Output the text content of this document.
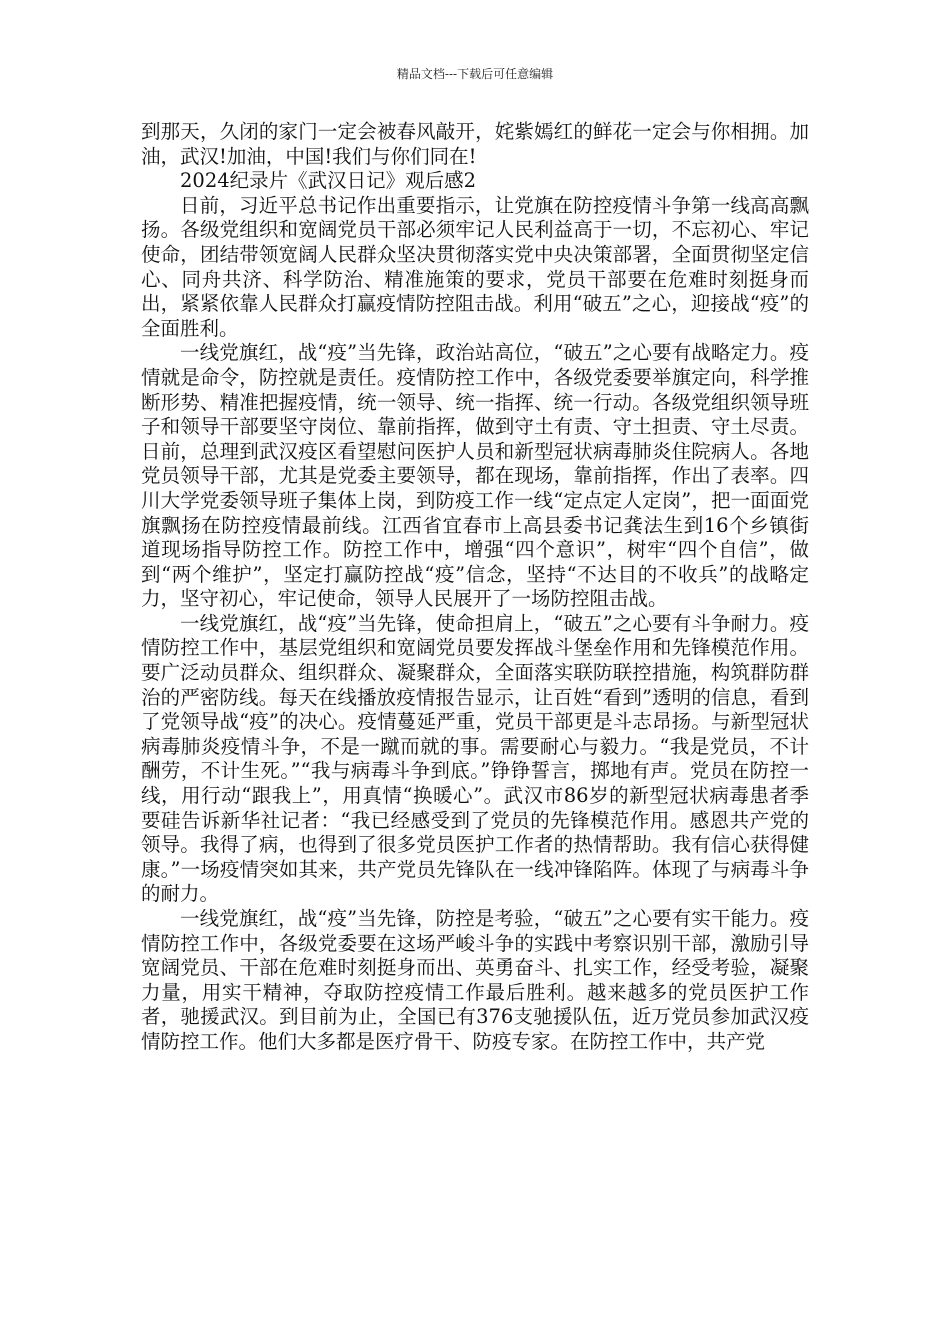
精品文档---下载后可任意编辑

到那天，久闭的家门一定会被春风敲开，姹紫嫣红的鲜花一定会与你相拥。加油，武汉!加油，中国!我们与你们同在!

2024纪录片《武汉日记》观后感2

日前，习近平总书记作出重要指示，让党旗在防控疫情斗争第一线高高飘扬。各级党组织和宽阔党员干部必须牢记人民利益高于一切，不忘初心、牢记使命，团结带领宽阔人民群众坚决贯彻落实党中央决策部署，全面贯彻坚定信心、同舟共济、科学防治、精准施策的要求，党员干部要在危难时刻挺身而出，紧紧依靠人民群众打赢疫情防控阻击战。利用“破五”之心，迎接战“疫”的全面胜利。

一线党旗红，战“疫”当先锋，政治站高位，“破五”之心要有战略定力。疫情就是命令，防控就是责任。疫情防控工作中，各级党委要举旗定向，科学推断形势、精准把握疫情，统一领导、统一指挥、统一行动。各级党组织领导班子和领导干部要坚守岗位、靠前指挥，做到守土有责、守土担责、守土尽责。日前，总理到武汉疫区看望慰问医护人员和新型冠状病毒肺炎住院病人。各地党员领导干部，尤其是党委主要领导，都在现场，靠前指挥，作出了表率。四川大学党委领导班子集体上岗，到防疫工作一线“定点定人定岗”，把一面面党旗飘扬在防控疫情最前线。江西省宜春市上高县委书记龚法生到16个乡镇街道现场指导防控工作。防控工作中，增强“四个意识”，树牢“四个自信”，做到“两个维护”，坚定打赢防控战“疫”信念，坚持“不达目的不收兵”的战略定力，坚守初心，牢记使命，领导人民展开了一场防控阻击战。

一线党旗红，战“疫”当先锋，使命担肩上，“破五”之心要有斗争耐力。疫情防控工作中，基层党组织和宽阔党员要发挥战斗堡垒作用和先锋模范作用。要广泛动员群众、组织群众、凝聚群众，全面落实联防联控措施，构筑群防群治的严密防线。每天在线播放疫情报告显示，让百姓“看到”透明的信息，看到了党领导战“疫”的决心。疫情蔓延严重，党员干部更是斗志昂扬。与新型冠状病毒肺炎疫情斗争，不是一蹴而就的事。需要耐心与毅力。“我是党员，不计酬劳，不计生死。”“我与病毒斗争到底。”铮铮誓言，掷地有声。党员在防控一线，用行动“跟我上”，用真情“换暖心”。武汉市86岁的新型冠状病毒患者季要硅告诉新华社记者：“我已经感受到了党员的先锋模范作用。感恩共产党的领导。我得了病，也得到了很多党员医护工作者的热情帮助。我有信心获得健康。”一场疫情突如其来，共产党员先锋队在一线冲锋陷阵。体现了与病毒斗争的耐力。

一线党旗红，战“疫”当先锋，防控是考验，“破五”之心要有实干能力。疫情防控工作中，各级党委要在这场严峻斗争的实践中考察识别干部，激励引导宽阔党员、干部在危难时刻挺身而出、英勇奋斗、扎实工作，经受考验，凝聚力量，用实干精神，夺取防控疫情工作最后胜利。越来越多的党员医护工作者，驰援武汉。到目前为止，全国已有376支驰援队伍，近万党员参加武汉疫情防控工作。他们大多都是医疗骨干、防疫专家。在防控工作中，共产党
